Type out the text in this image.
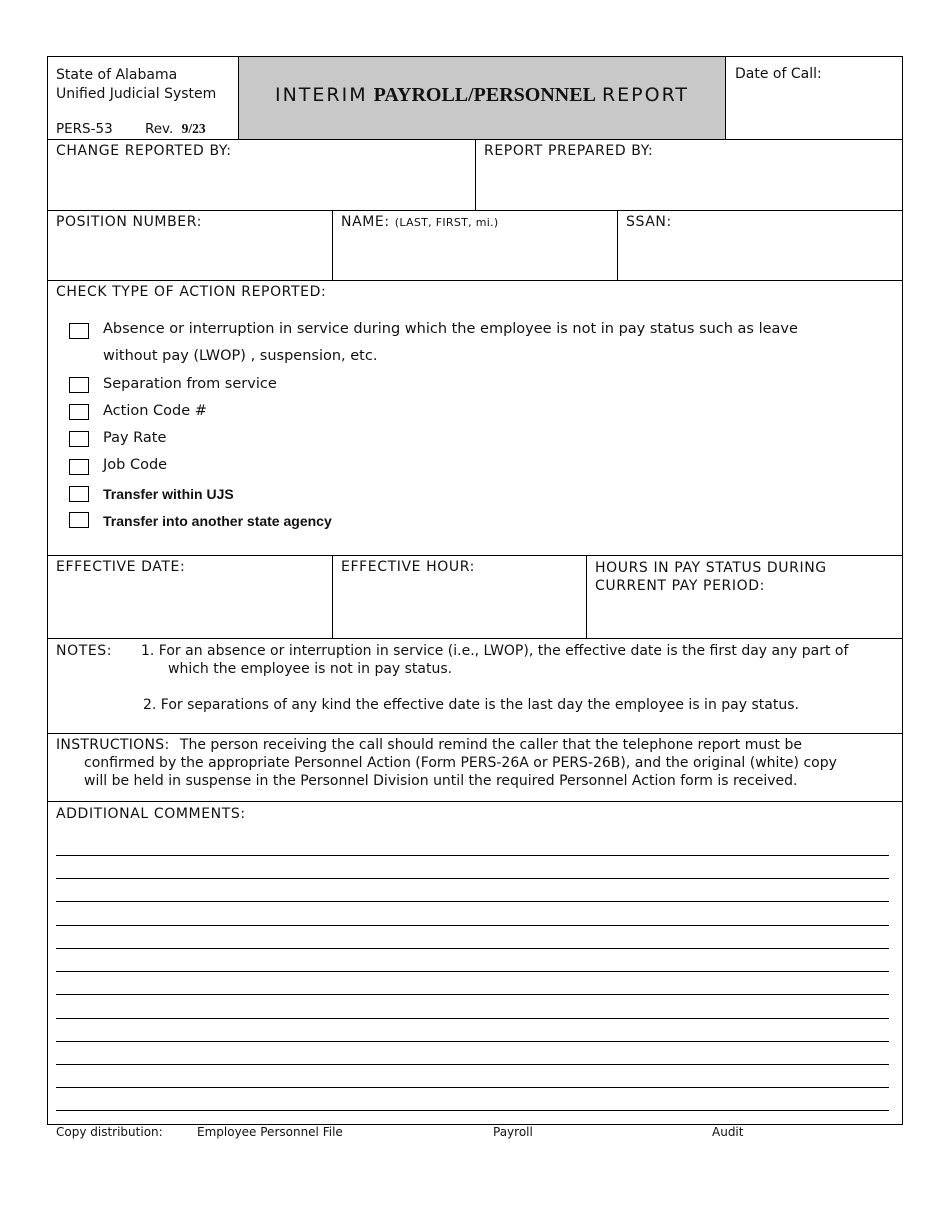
State of Alabama
Unified Judicial System
PERS-53 Rev. 9/23
INTERIM PAYROLL/PERSONNEL REPORT
Date of Call:
CHANGE REPORTED BY:	REPORT PREPARED BY:
POSITION NUMBER:	NAME: (LAST, FIRST, mi.)	SSAN:
CHECK TYPE OF ACTION REPORTED:
Absence or interruption in service during which the employee is not in pay status such as leave
without pay (LWOP) , suspension, etc.
Separation from service
Action Code #
Pay Rate
Job Code
Transfer within UJS
Transfer into another state agency
EFFECTIVE DATE:	EFFECTIVE HOUR:	HOURS IN PAY STATUS DURING
CURRENT PAY PERIOD:
NOTES: 1. For an absence or interruption in service (i.e., LWOP), the effective date is the first day any part of
which the employee is not in pay status.
2. For separations of any kind the effective date is the last day the employee is in pay status.
INSTRUCTIONS: The person receiving the call should remind the caller that the telephone report must be
confirmed by the appropriate Personnel Action (Form PERS-26A or PERS-26B), and the original (white) copy
will be held in suspense in the Personnel Division until the required Personnel Action form is received.
ADDITIONAL COMMENTS:
Copy distribution:	Employee Personnel File	Payroll	Audit
